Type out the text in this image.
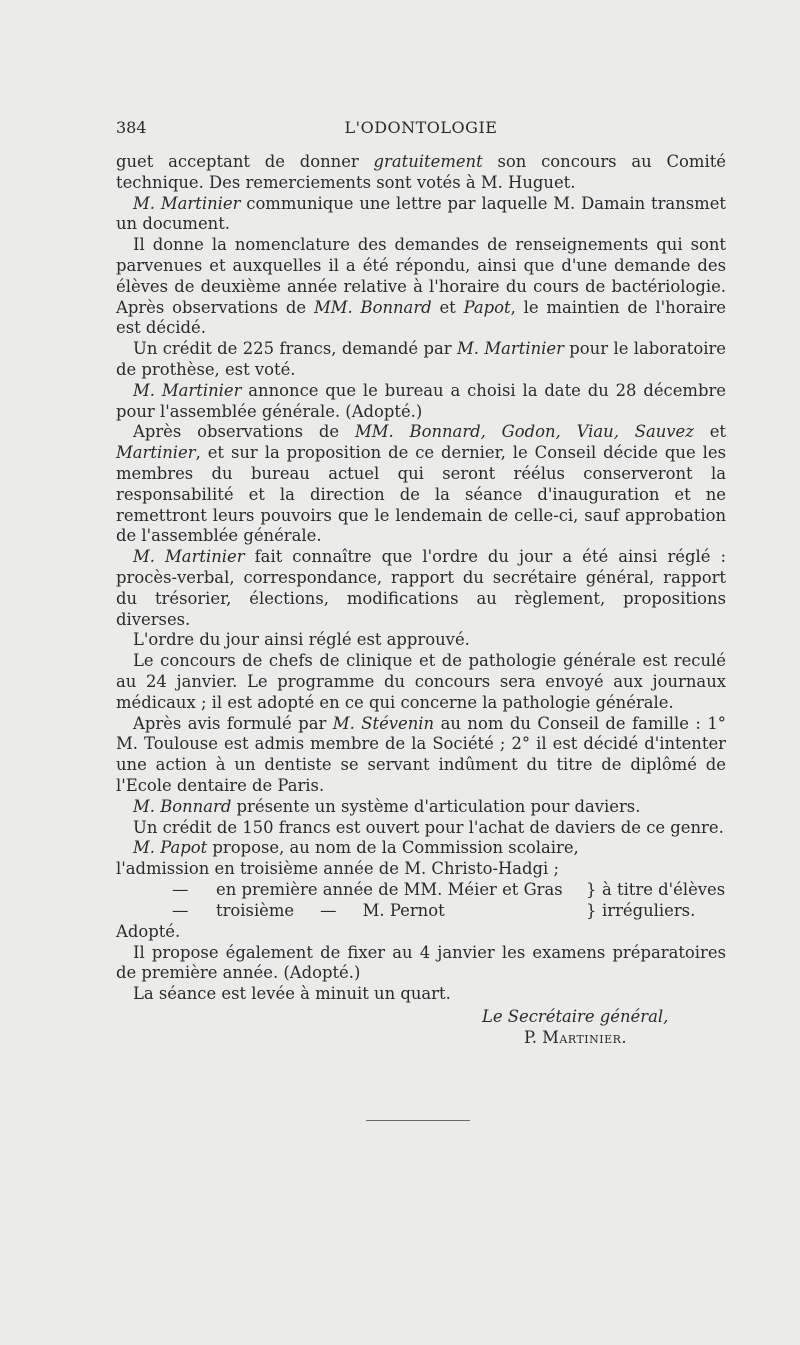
384	L'ODONTOLOGIE

guet acceptant de donner gratuitement son concours au Comité technique. Des remerciements sont votés à M. Huguet.

M. Martinier communique une lettre par laquelle M. Damain transmet un document.

Il donne la nomenclature des demandes de renseignements qui sont parvenues et auxquelles il a été répondu, ainsi que d'une demande des élèves de deuxième année relative à l'horaire du cours de bactériologie. Après observations de MM. Bonnard et Papot, le maintien de l'horaire est décidé.

Un crédit de 225 francs, demandé par M. Martinier pour le laboratoire de prothèse, est voté.

M. Martinier annonce que le bureau a choisi la date du 28 décembre pour l'assemblée générale. (Adopté.)

Après observations de MM. Bonnard, Godon, Viau, Sauvez et Martinier, et sur la proposition de ce dernier, le Conseil décide que les membres du bureau actuel qui seront réélus conserveront la responsabilité et la direction de la séance d'inauguration et ne remettront leurs pouvoirs que le lendemain de celle-ci, sauf approbation de l'assemblée générale.

M. Martinier fait connaître que l'ordre du jour a été ainsi réglé : procès-verbal, correspondance, rapport du secrétaire général, rapport du trésorier, élections, modifications au règlement, propositions diverses.

L'ordre du jour ainsi réglé est approuvé.

Le concours de chefs de clinique et de pathologie générale est reculé au 24 janvier. Le programme du concours sera envoyé aux journaux médicaux ; il est adopté en ce qui concerne la pathologie générale.

Après avis formulé par M. Stévenin au nom du Conseil de famille : 1° M. Toulouse est admis membre de la Société ; 2° il est décidé d'intenter une action à un dentiste se servant indûment du titre de diplômé de l'Ecole dentaire de Paris.

M. Bonnard présente un système d'articulation pour daviers.

Un crédit de 150 francs est ouvert pour l'achat de daviers de ce genre.

M. Papot propose, au nom de la Commission scolaire,

l'admission en troisième année de M. Christo-Hadgi ;

— en première année de MM. Méier et Gras } à titre d'élèves
— troisième     —     M. Pernot	} irréguliers.

Adopté.

Il propose également de fixer au 4 janvier les examens préparatoires de première année. (Adopté.)

La séance est levée à minuit un quart.

Le Secrétaire général,
P. Martinier.
